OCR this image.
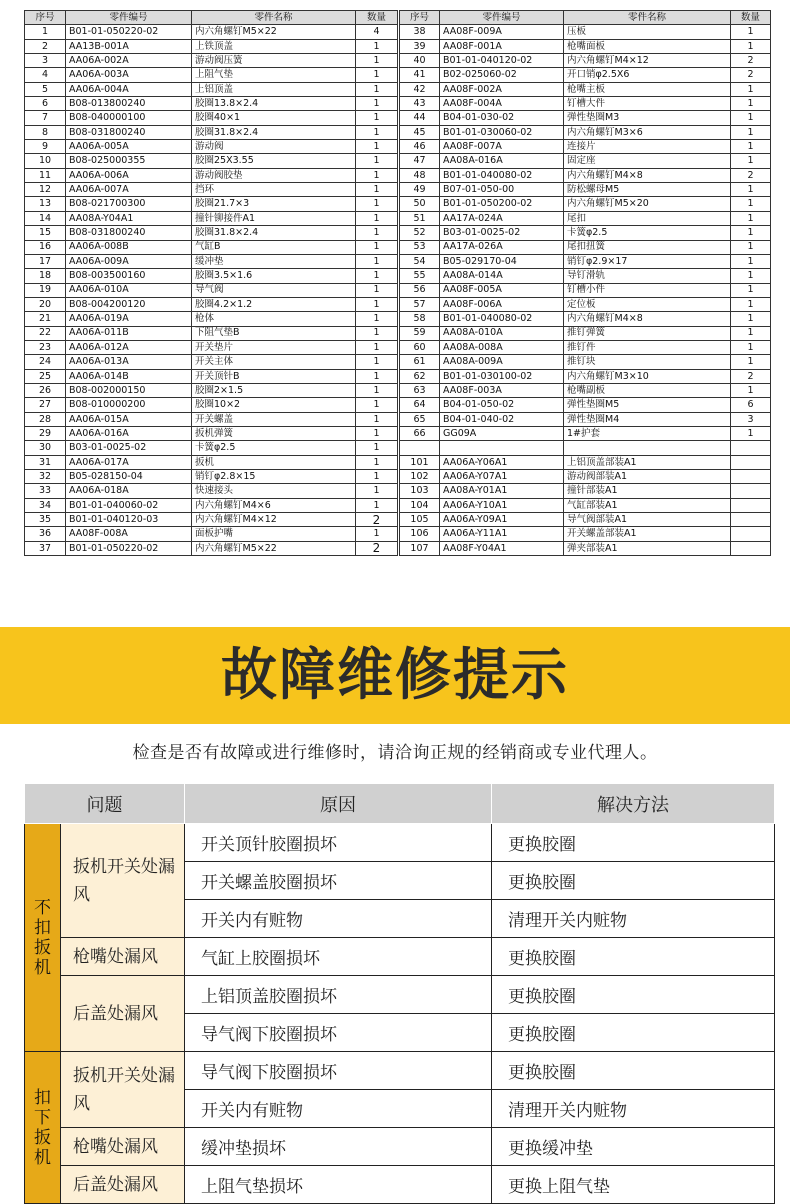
序号	零件编号	零件名称	数量
1	B01-01-050220-02	内六角螺钉M5×22	4
2	AA13B-001A	上铁顶盖	1
3	AA06A-002A	游动阀压簧	1
4	AA06A-003A	上阻气垫	1
5	AA06A-004A	上铝顶盖	1
6	B08-013800240	胶圈13.8×2.4	1
7	B08-040000100	胶圈40×1	1
8	B08-031800240	胶圈31.8×2.4	1
9	AA06A-005A	游动阀	1
10	B08-025000355	胶圈25X3.55	1
11	AA06A-006A	游动阀胶垫	1
12	AA06A-007A	挡环	1
13	B08-021700300	胶圈21.7×3	1
14	AA08A-Y04A1	撞针铆接件A1	1
15	B08-031800240	胶圈31.8×2.4	1
16	AA06A-008B	气缸B	1
17	AA06A-009A	缓冲垫	1
18	B08-003500160	胶圈3.5×1.6	1
19	AA06A-010A	导气阀	1
20	B08-004200120	胶圈4.2×1.2	1
21	AA06A-019A	枪体	1
22	AA06A-011B	下阻气垫B	1
23	AA06A-012A	开关垫片	1
24	AA06A-013A	开关主体	1
25	AA06A-014B	开关顶针B	1
26	B08-002000150	胶圈2×1.5	1
27	B08-010000200	胶圈10×2	1
28	AA06A-015A	开关螺盖	1
29	AA06A-016A	扳机弹簧	1
30	B03-01-0025-02	卡簧φ2.5	1
31	AA06A-017A	扳机	1
32	B05-028150-04	销钉φ2.8×15	1
33	AA06A-018A	快速接头	1
34	B01-01-040060-02	内六角螺钉M4×6	1
35	B01-01-040120-03	内六角螺钉M4×12	2
36	AA08F-008A	面板护嘴	1
37	B01-01-050220-02	内六角螺钉M5×22	2
序号	零件编号	零件名称	数量
38	AA08F-009A	压板	1
39	AA08F-001A	枪嘴面板	1
40	B01-01-040120-02	内六角螺钉M4×12	2
41	B02-025060-02	开口销φ2.5X6	2
42	AA08F-002A	枪嘴主板	1
43	AA08F-004A	钉槽大件	1
44	B04-01-030-02	弹性垫圈M3	1
45	B01-01-030060-02	内六角螺钉M3×6	1
46	AA08F-007A	连接片	1
47	AA08A-016A	固定座	1
48	B01-01-040080-02	内六角螺钉M4×8	2
49	B07-01-050-00	防松螺母M5	1
50	B01-01-050200-02	内六角螺钉M5×20	1
51	AA17A-024A	尾扣	1
52	B03-01-0025-02	卡簧φ2.5	1
53	AA17A-026A	尾扣扭簧	1
54	B05-029170-04	销钉φ2.9×17	1
55	AA08A-014A	导钉滑轨	1
56	AA08F-005A	钉槽小件	1
57	AA08F-006A	定位板	1
58	B01-01-040080-02	内六角螺钉M4×8	1
59	AA08A-010A	推钉弹簧	1
60	AA08A-008A	推钉件	1
61	AA08A-009A	推钉块	1
62	B01-01-030100-02	内六角螺钉M3×10	2
63	AA08F-003A	枪嘴副板	1
64	B04-01-050-02	弹性垫圈M5	6
65	B04-01-040-02	弹性垫圈M4	3
66	GG09A	1#护套	1

101	AA06A-Y06A1	上铝顶盖部装A1	
102	AA06A-Y07A1	游动阀部装A1	
103	AA08A-Y01A1	撞针部装A1	
104	AA06A-Y10A1	气缸部装A1	
105	AA06A-Y09A1	导气阀部装A1	
106	AA06A-Y11A1	开关螺盖部装A1	
107	AA08F-Y04A1	弹夹部装A1	
故障维修提示
检查是否有故障或进行维修时，请洽询正规的经销商或专业代理人。
问题		原因	解决方法
不扣扳机	扳机开关处漏风	开关顶针胶圈损坏	更换胶圈
		开关螺盖胶圈损坏	更换胶圈
		开关内有赃物	清理开关内赃物
	枪嘴处漏风	气缸上胶圈损坏	更换胶圈
	后盖处漏风	上铝顶盖胶圈损坏	更换胶圈
		导气阀下胶圈损坏	更换胶圈
扣下扳机	扳机开关处漏风	导气阀下胶圈损坏	更换胶圈
		开关内有赃物	清理开关内赃物
	枪嘴处漏风	缓冲垫损坏	更换缓冲垫
	后盖处漏风	上阻气垫损坏	更换上阻气垫
